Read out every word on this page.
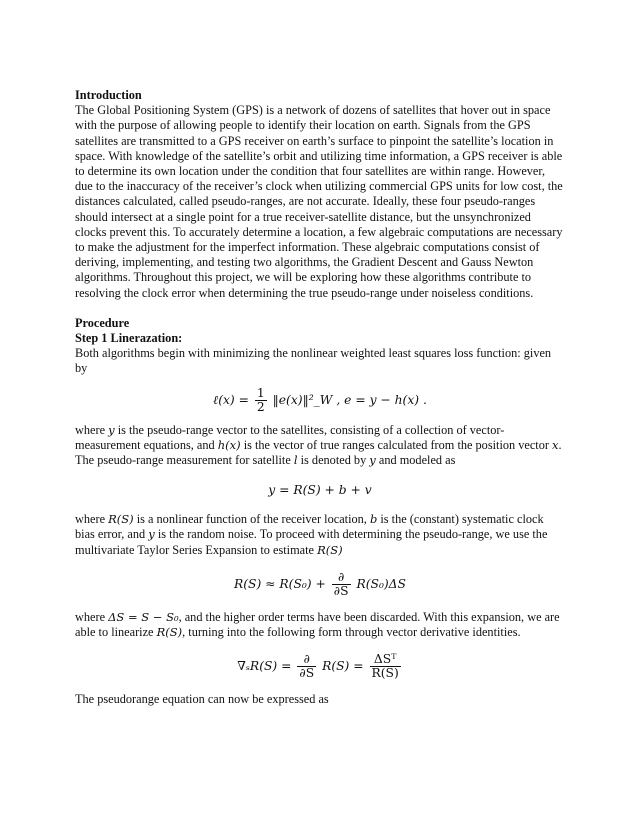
Introduction

The Global Positioning System (GPS) is a network of dozens of satellites that hover out in space with the purpose of allowing people to identify their location on earth. Signals from the GPS satellites are transmitted to a GPS receiver on earth’s surface to pinpoint the satellite’s location in space. With knowledge of the satellite’s orbit and utilizing time information, a GPS receiver is able to determine its own location under the condition that four satellites are within range. However, due to the inaccuracy of the receiver’s clock when utilizing commercial GPS units for low cost, the distances calculated, called pseudo-ranges, are not accurate. Ideally, these four pseudo-ranges should intersect at a single point for a true receiver-satellite distance, but the unsynchronized clocks prevent this. To accurately determine a location, a few algebraic computations are necessary to make the adjustment for the imperfect information. These algebraic computations consist of deriving, implementing, and testing two algorithms, the Gradient Descent and Gauss Newton algorithms. Throughout this project, we will be exploring how these algorithms contribute to resolving the clock error when determining the true pseudo-range under noiseless conditions.

Procedure
Step 1 Linerazation:

Both algorithms begin with minimizing the nonlinear weighted least squares loss function: given by

ℓ(x) = $\frac{1}{2}$ ‖e(x)‖²_W , e = y − h(x) .

where y is the pseudo-range vector to the satellites, consisting of a collection of vector-measurement equations, and h(x) is the vector of true ranges calculated from the position vector x. The pseudo-range measurement for satellite l is denoted by y and modeled as

y = R(S) + b + v

where R(S) is a nonlinear function of the receiver location, b is the (constant) systematic clock bias error, and y is the random noise. To proceed with determining the pseudo-range, we use the multivariate Taylor Series Expansion to estimate R(S)

$R(S) \approx R(S_0) + \frac{\partial}{\partial S} R(S_0)\Delta S$

where ΔS = S − S₀, and the higher order terms have been discarded. With this expansion, we are able to linearize R(S), turning into the following form through vector derivative identities.

$\nabla_sR(S) = \frac{\partial}{\partial S} R(S) = \frac{\text{ΔSᵀ}}{R(S)}$

The pseudorange equation can now be expressed as
